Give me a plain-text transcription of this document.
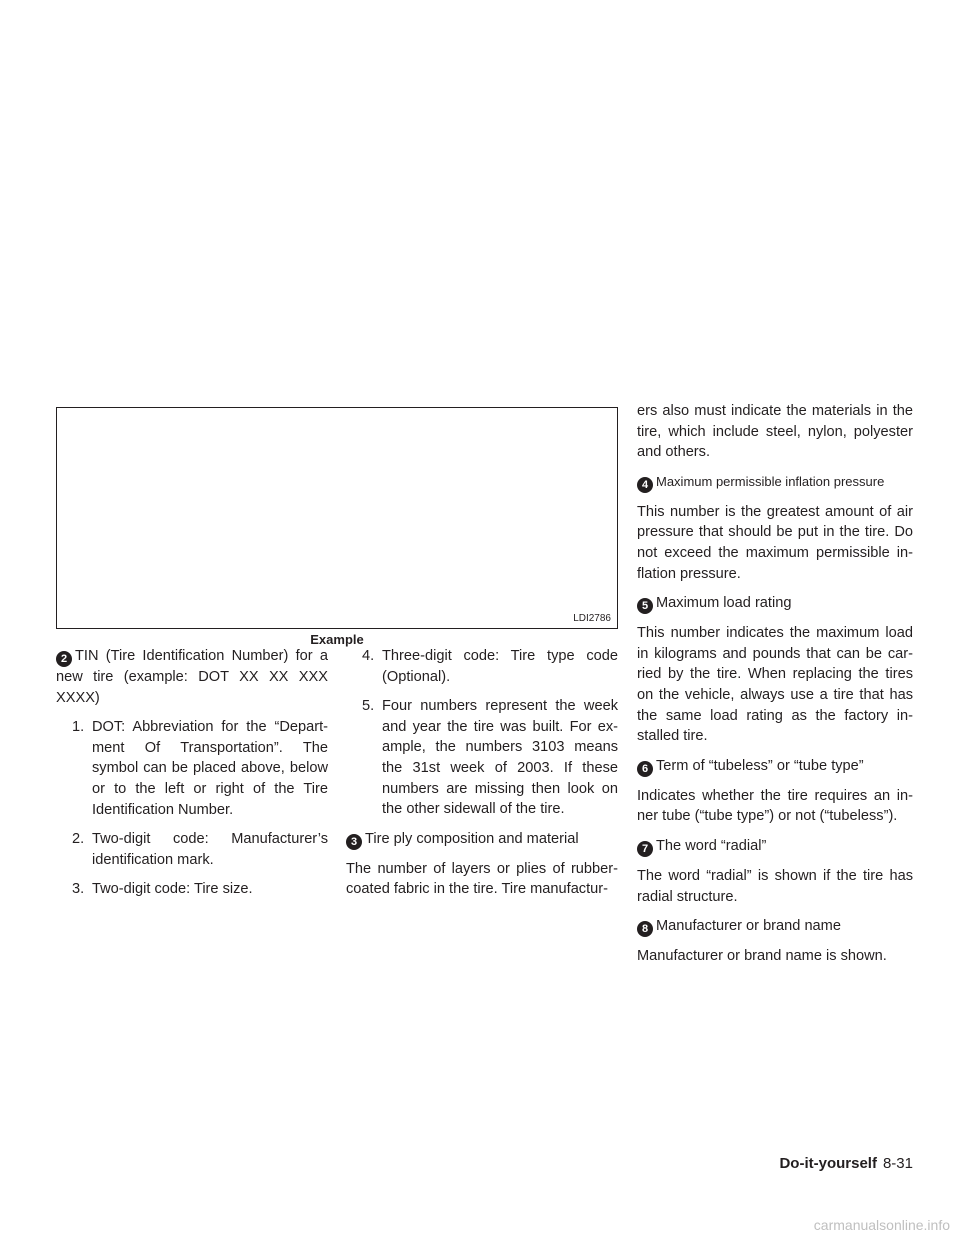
LDI2786
Example

2 TIN (Tire Identification Number) for a new tire (example: DOT XX XX XXX XXXX)

1. DOT: Abbreviation for the “Depart- ment Of Transportation”. The symbol can be placed above, below or to the left or right of the Tire Identification Number.
2. Two-digit code: Manufacturer’s identification mark.
3. Two-digit code: Tire size.
4. Three-digit code: Tire type code (Optional).
5. Four numbers represent the week and year the tire was built. For ex- ample, the numbers 3103 means the 31st week of 2003. If these numbers are missing then look on the other sidewall of the tire.
3 Tire ply composition and material

The number of layers or plies of rubber- coated fabric in the tire. Tire manufactur-

ers also must indicate the materials in the tire, which include steel, nylon, polyester and others.

4 Maximum permissible inflation pressure

This number is the greatest amount of air pressure that should be put in the tire. Do not exceed the maximum permissible in- flation pressure.

5 Maximum load rating

This number indicates the maximum load in kilograms and pounds that can be car- ried by the tire. When replacing the tires on the vehicle, always use a tire that has the same load rating as the factory in- stalled tire.

6 Term of “tubeless” or “tube type”

Indicates whether the tire requires an in- ner tube (“tube type”) or not (“tubeless”).

7 The word “radial”

The word “radial” is shown if the tire has radial structure.

8 Manufacturer or brand name

Manufacturer or brand name is shown.

Do-it-yourself 8-31
carmanualsonline.info
